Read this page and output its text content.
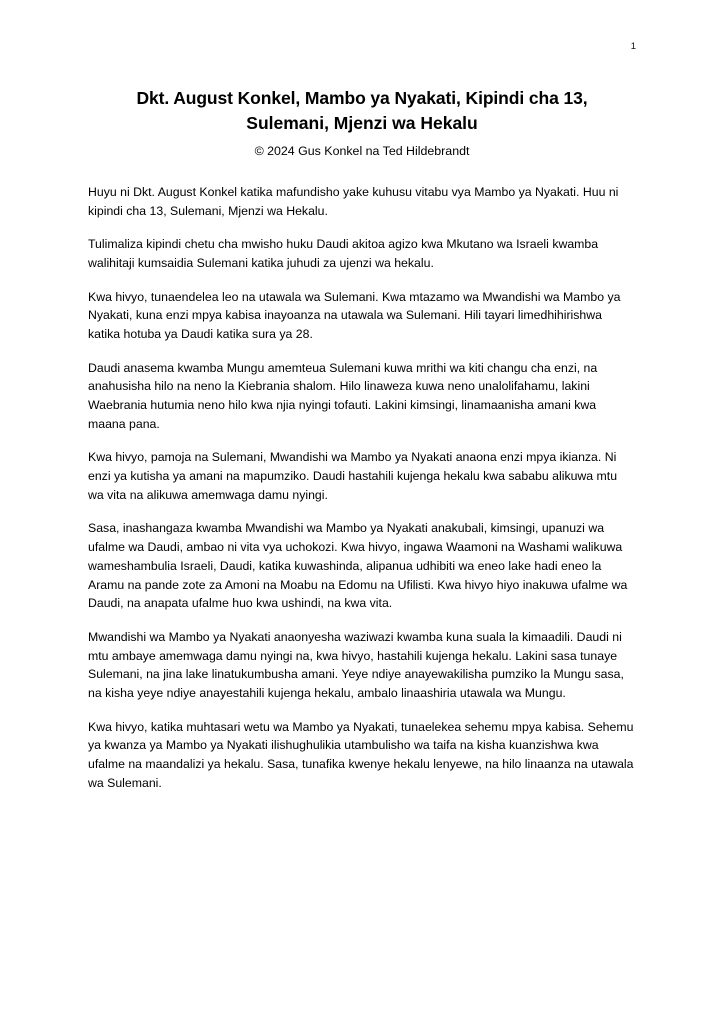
1
Dkt. August Konkel, Mambo ya Nyakati, Kipindi cha 13,
Sulemani, Mjenzi wa Hekalu
© 2024 Gus Konkel na Ted Hildebrandt

Huyu ni Dkt. August Konkel katika mafundisho yake kuhusu vitabu vya Mambo ya Nyakati. Huu ni kipindi cha 13, Sulemani, Mjenzi wa Hekalu.

Tulimaliza kipindi chetu cha mwisho huku Daudi akitoa agizo kwa Mkutano wa Israeli kwamba walihitaji kumsaidia Sulemani katika juhudi za ujenzi wa hekalu.

Kwa hivyo, tunaendelea leo na utawala wa Sulemani. Kwa mtazamo wa Mwandishi wa Mambo ya Nyakati, kuna enzi mpya kabisa inayoanza na utawala wa Sulemani. Hili tayari limedhihirishwa katika hotuba ya Daudi katika sura ya 28.

Daudi anasema kwamba Mungu amemteua Sulemani kuwa mrithi wa kiti changu cha enzi, na anahusisha hilo na neno la Kiebrania shalom. Hilo linaweza kuwa neno unalolifahamu, lakini Waebrania hutumia neno hilo kwa njia nyingi tofauti. Lakini kimsingi, linamaanisha amani kwa maana pana.

Kwa hivyo, pamoja na Sulemani, Mwandishi wa Mambo ya Nyakati anaona enzi mpya ikianza. Ni enzi ya kutisha ya amani na mapumziko. Daudi hastahili kujenga hekalu kwa sababu alikuwa mtu wa vita na alikuwa amemwaga damu nyingi.

Sasa, inashangaza kwamba Mwandishi wa Mambo ya Nyakati anakubali, kimsingi, upanuzi wa ufalme wa Daudi, ambao ni vita vya uchokozi. Kwa hivyo, ingawa Waamoni na Washami walikuwa wameshambulia Israeli, Daudi, katika kuwashinda, alipanua udhibiti wa eneo lake hadi eneo la Aramu na pande zote za Amoni na Moabu na Edomu na Ufilisti. Kwa hivyo hiyo inakuwa ufalme wa Daudi, na anapata ufalme huo kwa ushindi, na kwa vita.

Mwandishi wa Mambo ya Nyakati anaonyesha waziwazi kwamba kuna suala la kimaadili. Daudi ni mtu ambaye amemwaga damu nyingi na, kwa hivyo, hastahili kujenga hekalu. Lakini sasa tunaye Sulemani, na jina lake linatukumbusha amani. Yeye ndiye anayewakilisha pumziko la Mungu sasa, na kisha yeye ndiye anayestahili kujenga hekalu, ambalo linaashiria utawala wa Mungu.

Kwa hivyo, katika muhtasari wetu wa Mambo ya Nyakati, tunaelekea sehemu mpya kabisa. Sehemu ya kwanza ya Mambo ya Nyakati ilishughulikia utambulisho wa taifa na kisha kuanzishwa kwa ufalme na maandalizi ya hekalu. Sasa, tunafika kwenye hekalu lenyewe, na hilo linaanza na utawala wa Sulemani.
